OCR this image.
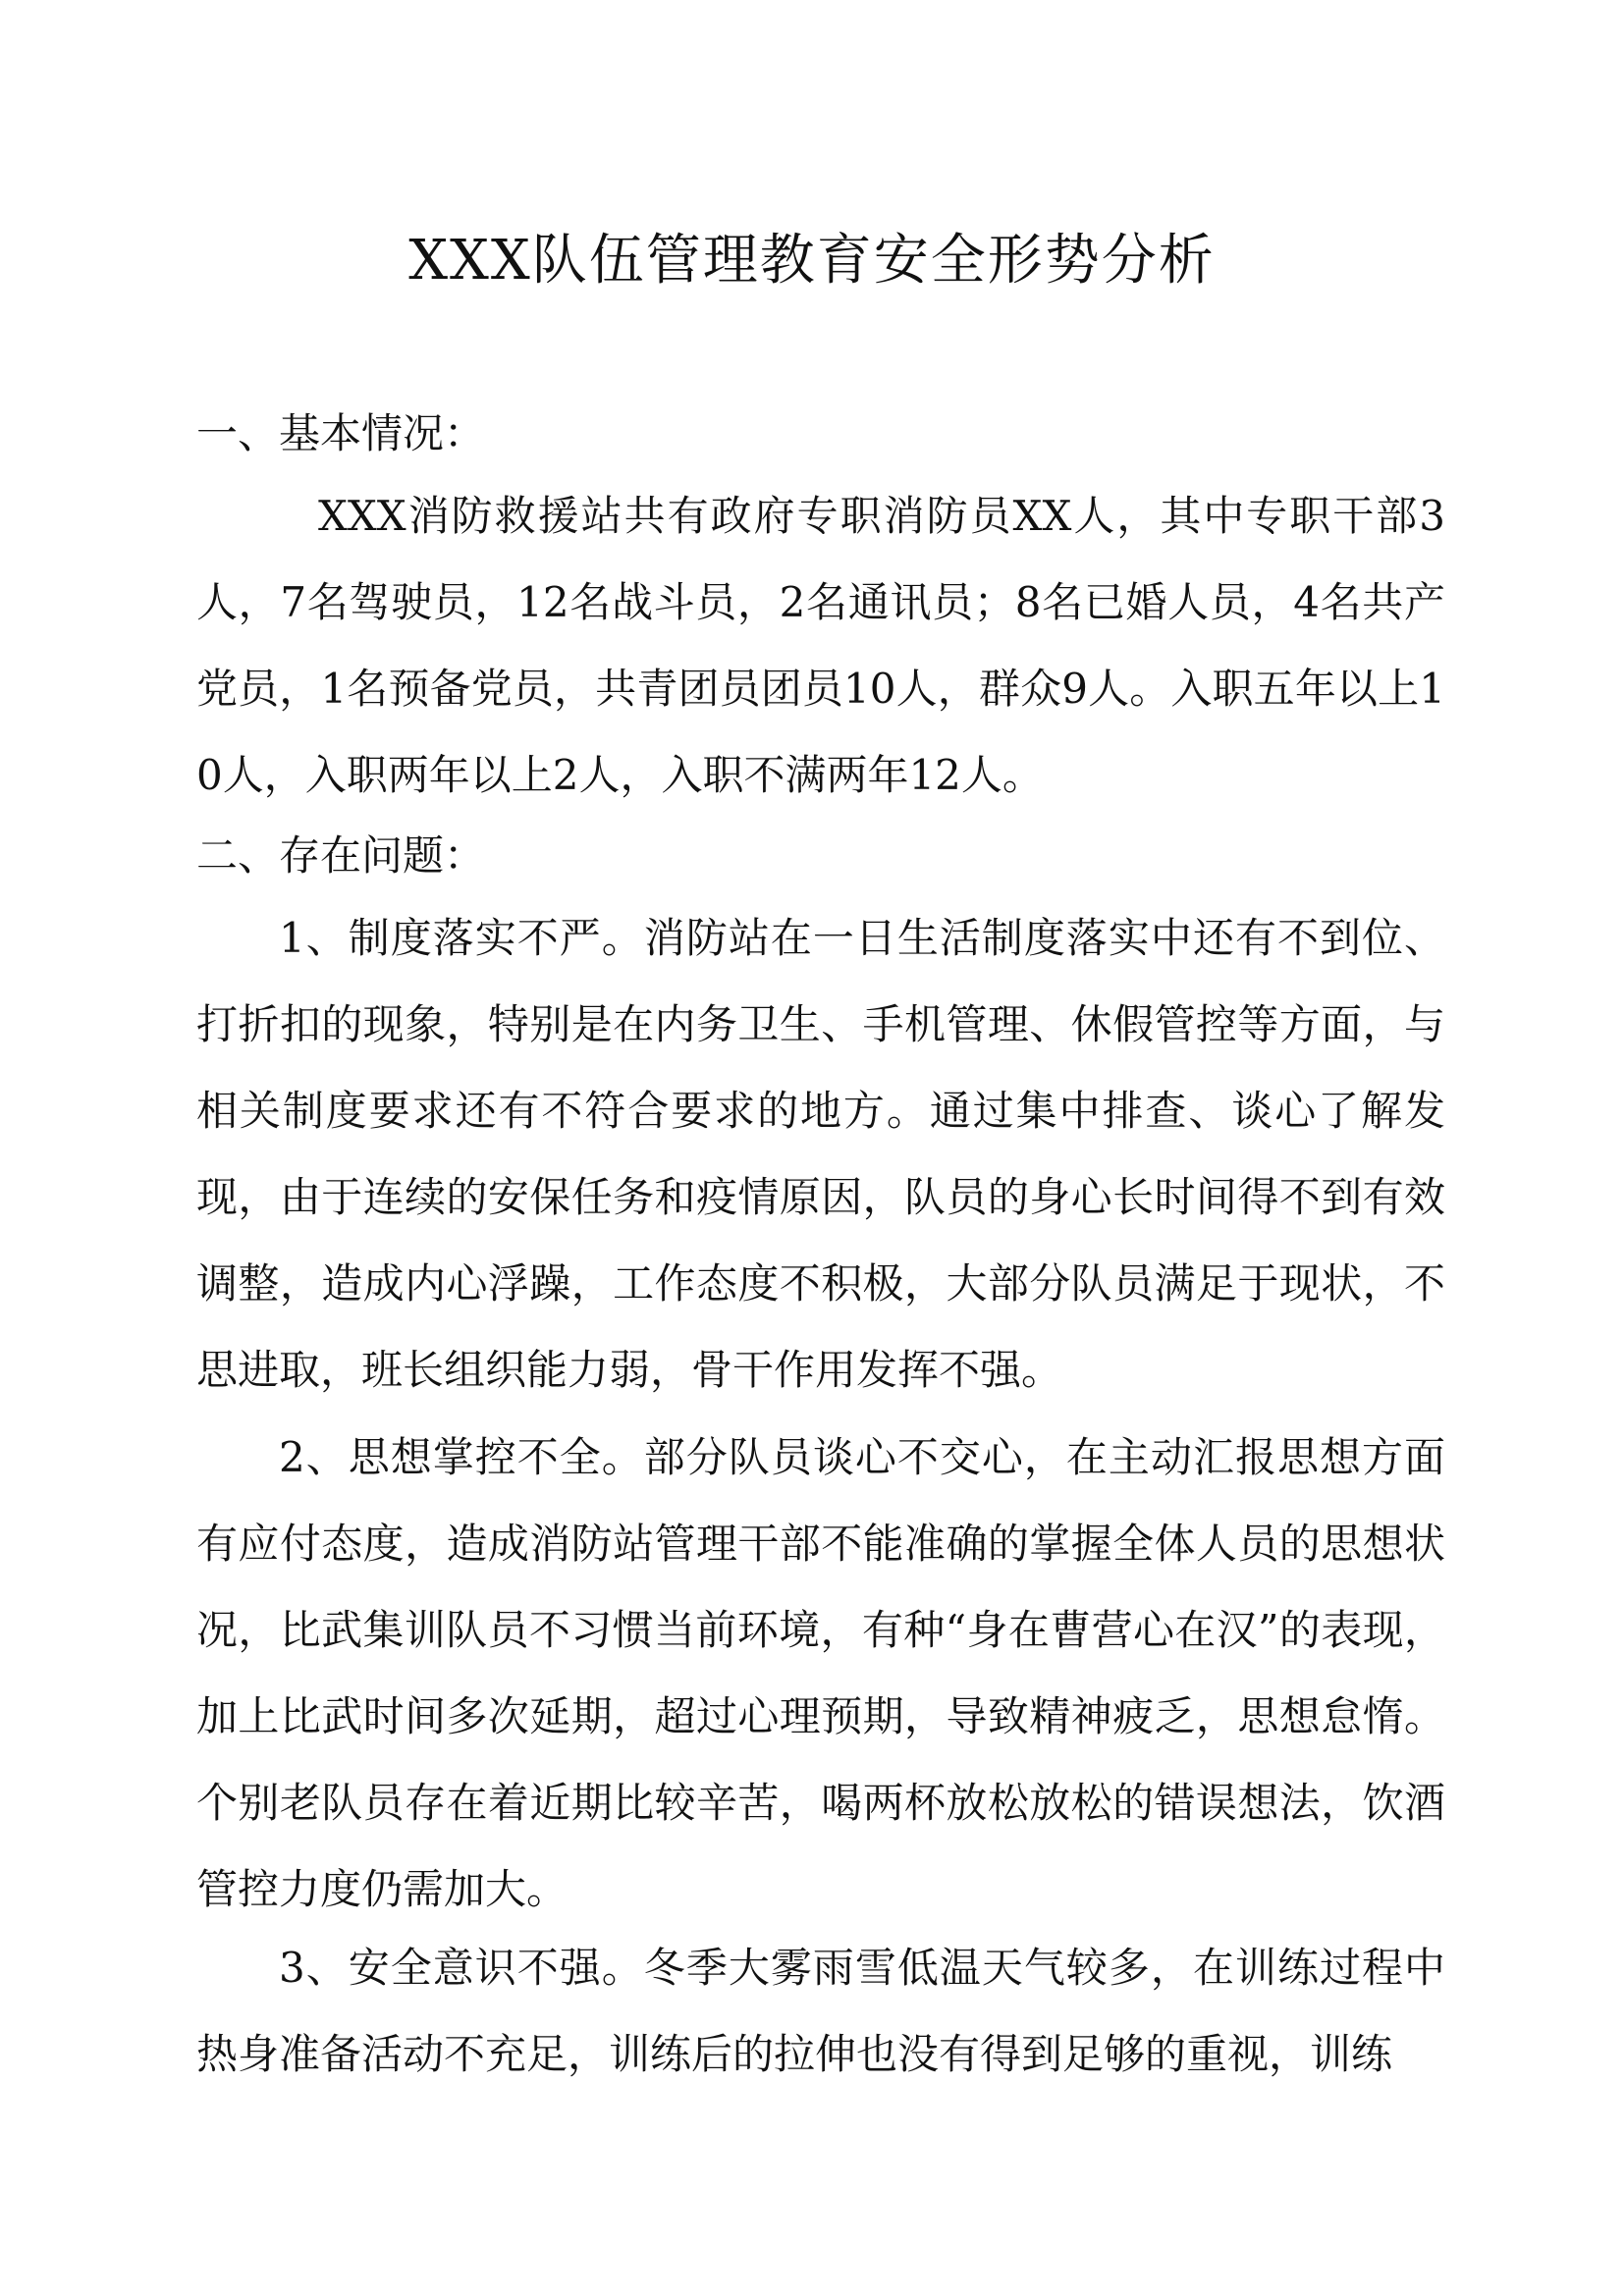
XXX队伍管理教育安全形势分析

一、基本情况：

XXX消防救援站共有政府专职消防员XX人，其中专职干部3人，7名驾驶员，12名战斗员，2名通讯员；8名已婚人员，4名共产党员，1名预备党员，共青团员团员10人，群众9人。入职五年以上10人，入职两年以上2人，入职不满两年12人。

二、存在问题：

1、制度落实不严。消防站在一日生活制度落实中还有不到位、打折扣的现象，特别是在内务卫生、手机管理、休假管控等方面，与相关制度要求还有不符合要求的地方。通过集中排查、谈心了解发现，由于连续的安保任务和疫情原因，队员的身心长时间得不到有效调整，造成内心浮躁，工作态度不积极，大部分队员满足于现状，不思进取，班长组织能力弱，骨干作用发挥不强。

2、思想掌控不全。部分队员谈心不交心，在主动汇报思想方面有应付态度，造成消防站管理干部不能准确的掌握全体人员的思想状况，比武集训队员不习惯当前环境，有种“身在曹营心在汉”的表现，加上比武时间多次延期，超过心理预期，导致精神疲乏，思想怠惰。个别老队员存在着近期比较辛苦，喝两杯放松放松的错误想法，饮酒管控力度仍需加大。

3、安全意识不强。冬季大雾雨雪低温天气较多，在训练过程中热身准备活动不充足，训练后的拉伸也没有得到足够的重视，训练
